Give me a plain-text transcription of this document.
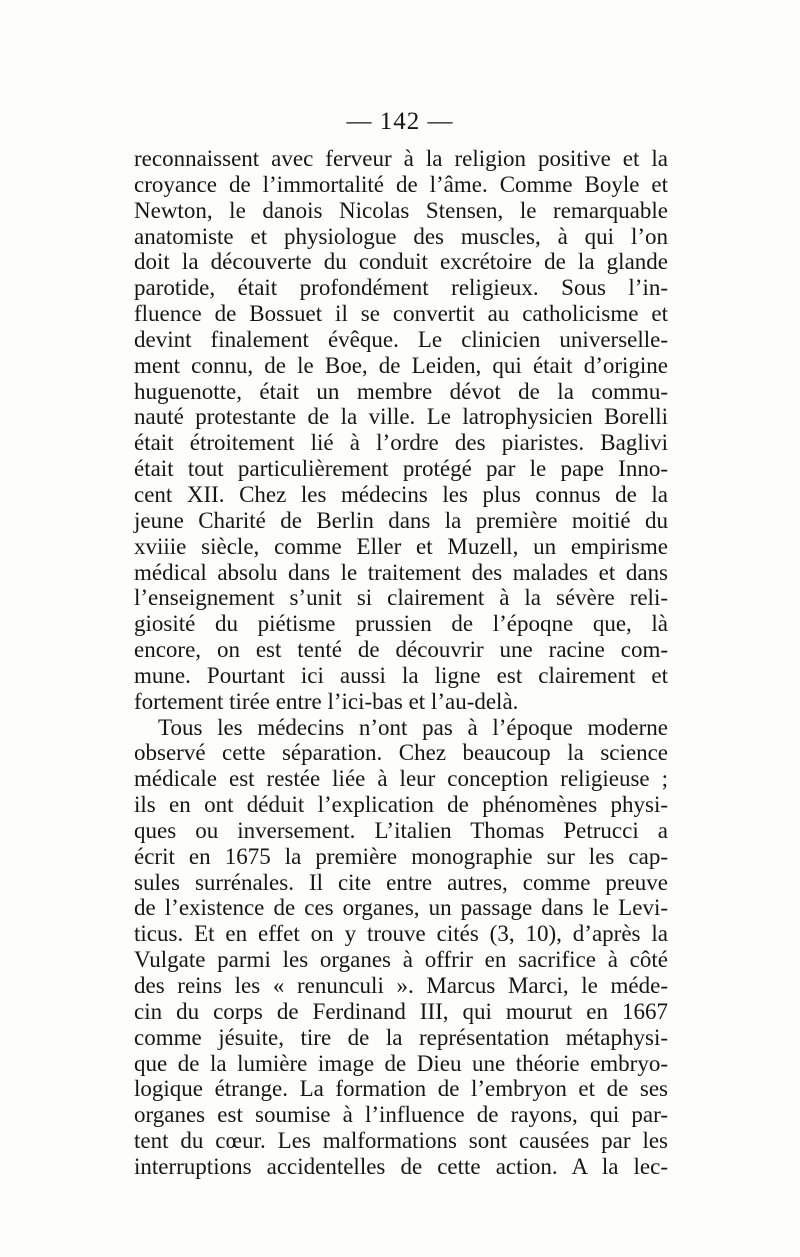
— 142 —
reconnaissent avec ferveur à la religion positive et la
croyance de l’immortalité de l’âme. Comme Boyle et
Newton, le danois Nicolas Stensen, le remarquable
anatomiste et physiologue des muscles, à qui l’on
doit la découverte du conduit excrétoire de la glande
parotide, était profondément religieux. Sous l’in-
fluence de Bossuet il se convertit au catholicisme et
devint finalement évêque. Le clinicien universelle-
ment connu, de le Boe, de Leiden, qui était d’origine
huguenotte, était un membre dévot de la commu-
nauté protestante de la ville. Le latrophysicien Borelli
était étroitement lié à l’ordre des piaristes. Baglivi
était tout particulièrement protégé par le pape Inno-
cent XII. Chez les médecins les plus connus de la
jeune Charité de Berlin dans la première moitié du
xviiie siècle, comme Eller et Muzell, un empirisme
médical absolu dans le traitement des malades et dans
l’enseignement s’unit si clairement à la sévère reli-
giosité du piétisme prussien de l’époqne que, là
encore, on est tenté de découvrir une racine com-
mune. Pourtant ici aussi la ligne est clairement et
fortement tirée entre l’ici-bas et l’au-delà.
Tous les médecins n’ont pas à l’époque moderne
observé cette séparation. Chez beaucoup la science
médicale est restée liée à leur conception religieuse ;
ils en ont déduit l’explication de phénomènes physi-
ques ou inversement. L’italien Thomas Petrucci a
écrit en 1675 la première monographie sur les cap-
sules surrénales. Il cite entre autres, comme preuve
de l’existence de ces organes, un passage dans le Levi-
ticus. Et en effet on y trouve cités (3, 10), d’après la
Vulgate parmi les organes à offrir en sacrifice à côté
des reins les « renunculi ». Marcus Marci, le méde-
cin du corps de Ferdinand III, qui mourut en 1667
comme jésuite, tire de la représentation métaphysi-
que de la lumière image de Dieu une théorie embryo-
logique étrange. La formation de l’embryon et de ses
organes est soumise à l’influence de rayons, qui par-
tent du cœur. Les malformations sont causées par les
interruptions accidentelles de cette action. A la lec-
